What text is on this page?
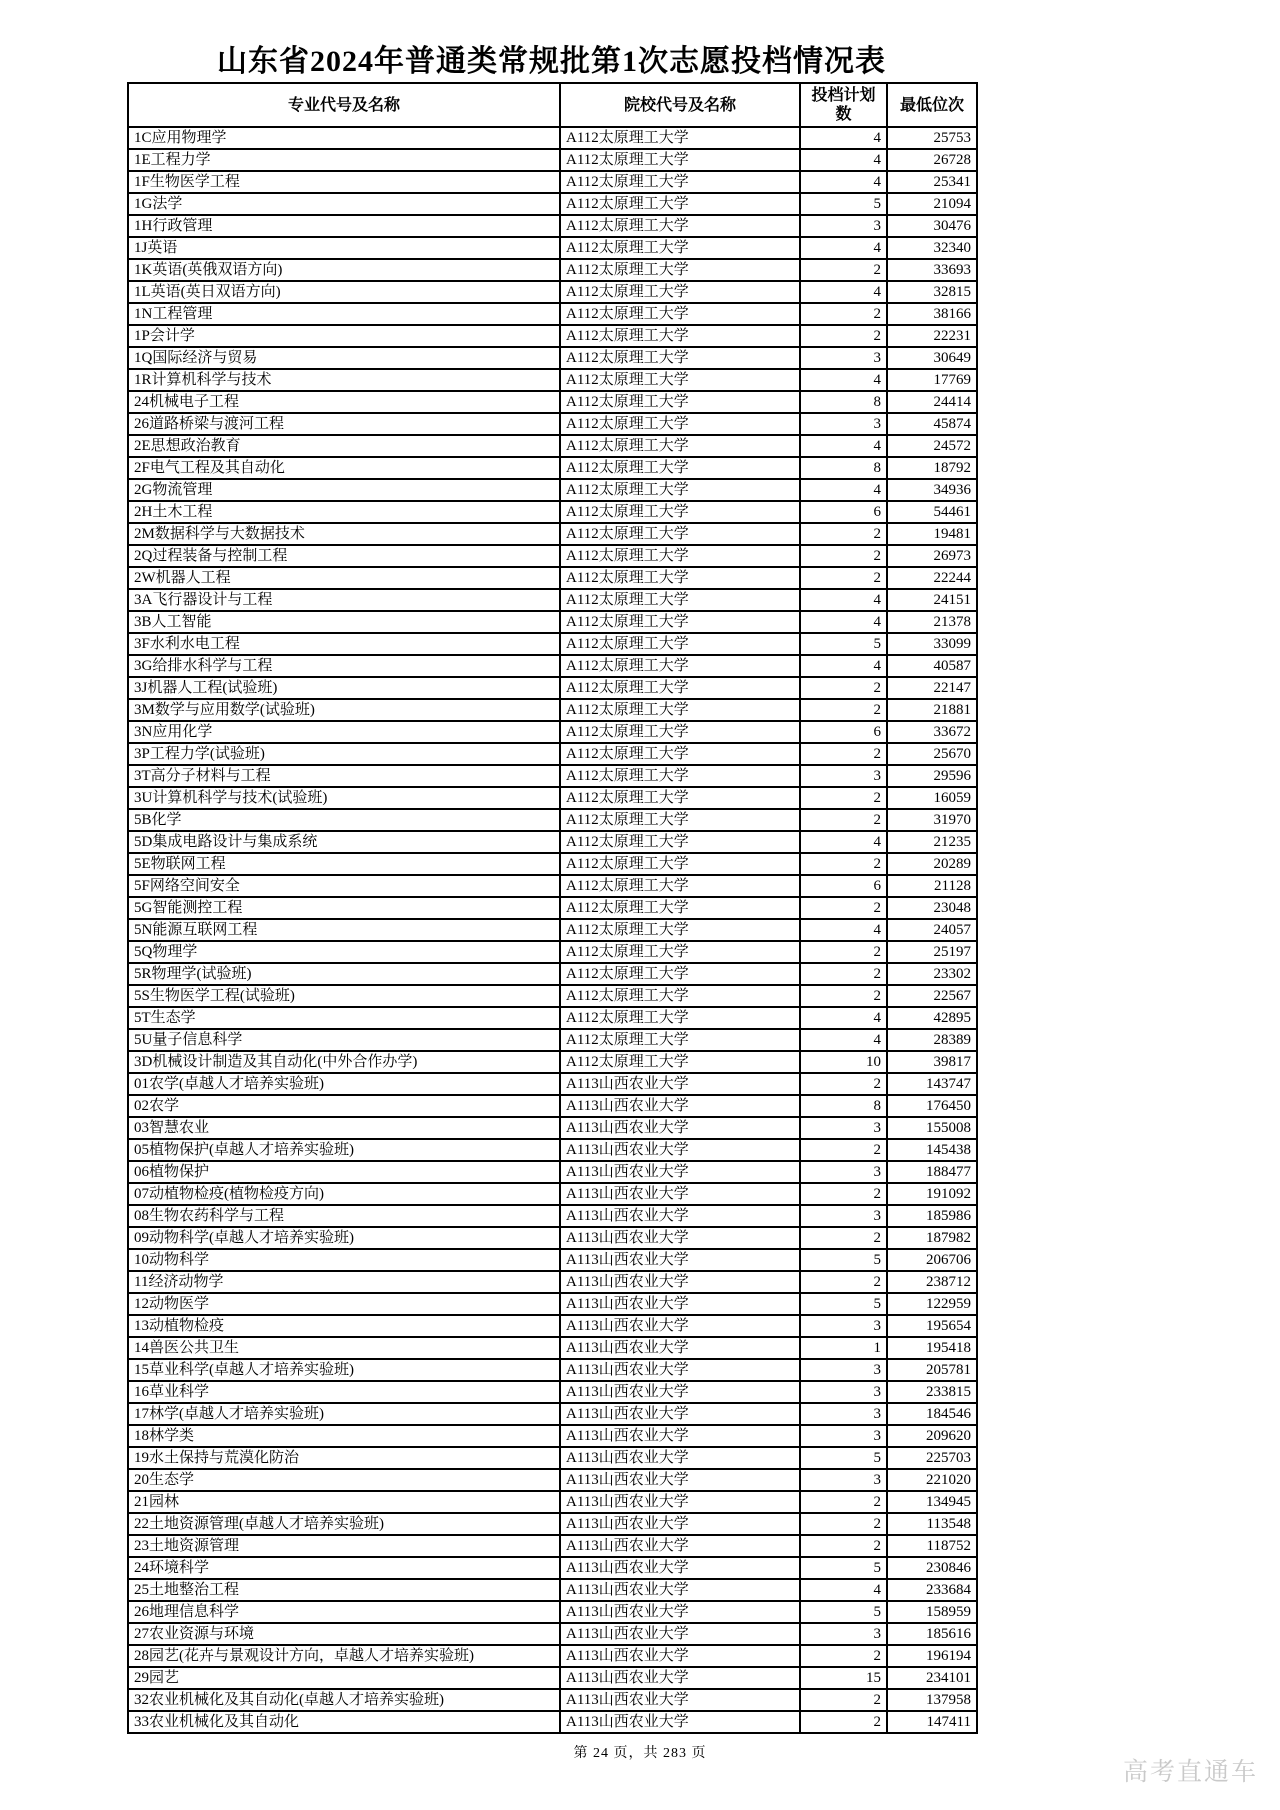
山东省2024年普通类常规批第1次志愿投档情况表
专业代号及名称	院校代号及名称	投档计划数	最低位次
1C应用物理学	A112太原理工大学	4	25753
1E工程力学	A112太原理工大学	4	26728
1F生物医学工程	A112太原理工大学	4	25341
1G法学	A112太原理工大学	5	21094
1H行政管理	A112太原理工大学	3	30476
1J英语	A112太原理工大学	4	32340
1K英语(英俄双语方向)	A112太原理工大学	2	33693
1L英语(英日双语方向)	A112太原理工大学	4	32815
1N工程管理	A112太原理工大学	2	38166
1P会计学	A112太原理工大学	2	22231
1Q国际经济与贸易	A112太原理工大学	3	30649
1R计算机科学与技术	A112太原理工大学	4	17769
24机械电子工程	A112太原理工大学	8	24414
26道路桥梁与渡河工程	A112太原理工大学	3	45874
2E思想政治教育	A112太原理工大学	4	24572
2F电气工程及其自动化	A112太原理工大学	8	18792
2G物流管理	A112太原理工大学	4	34936
2H土木工程	A112太原理工大学	6	54461
2M数据科学与大数据技术	A112太原理工大学	2	19481
2Q过程装备与控制工程	A112太原理工大学	2	26973
2W机器人工程	A112太原理工大学	2	22244
3A飞行器设计与工程	A112太原理工大学	4	24151
3B人工智能	A112太原理工大学	4	21378
3F水利水电工程	A112太原理工大学	5	33099
3G给排水科学与工程	A112太原理工大学	4	40587
3J机器人工程(试验班)	A112太原理工大学	2	22147
3M数学与应用数学(试验班)	A112太原理工大学	2	21881
3N应用化学	A112太原理工大学	6	33672
3P工程力学(试验班)	A112太原理工大学	2	25670
3T高分子材料与工程	A112太原理工大学	3	29596
3U计算机科学与技术(试验班)	A112太原理工大学	2	16059
5B化学	A112太原理工大学	2	31970
5D集成电路设计与集成系统	A112太原理工大学	4	21235
5E物联网工程	A112太原理工大学	2	20289
5F网络空间安全	A112太原理工大学	6	21128
5G智能测控工程	A112太原理工大学	2	23048
5N能源互联网工程	A112太原理工大学	4	24057
5Q物理学	A112太原理工大学	2	25197
5R物理学(试验班)	A112太原理工大学	2	23302
5S生物医学工程(试验班)	A112太原理工大学	2	22567
5T生态学	A112太原理工大学	4	42895
5U量子信息科学	A112太原理工大学	4	28389
3D机械设计制造及其自动化(中外合作办学)	A112太原理工大学	10	39817
01农学(卓越人才培养实验班)	A113山西农业大学	2	143747
02农学	A113山西农业大学	8	176450
03智慧农业	A113山西农业大学	3	155008
05植物保护(卓越人才培养实验班)	A113山西农业大学	2	145438
06植物保护	A113山西农业大学	3	188477
07动植物检疫(植物检疫方向)	A113山西农业大学	2	191092
08生物农药科学与工程	A113山西农业大学	3	185986
09动物科学(卓越人才培养实验班)	A113山西农业大学	2	187982
10动物科学	A113山西农业大学	5	206706
11经济动物学	A113山西农业大学	2	238712
12动物医学	A113山西农业大学	5	122959
13动植物检疫	A113山西农业大学	3	195654
14兽医公共卫生	A113山西农业大学	1	195418
15草业科学(卓越人才培养实验班)	A113山西农业大学	3	205781
16草业科学	A113山西农业大学	3	233815
17林学(卓越人才培养实验班)	A113山西农业大学	3	184546
18林学类	A113山西农业大学	3	209620
19水土保持与荒漠化防治	A113山西农业大学	5	225703
20生态学	A113山西农业大学	3	221020
21园林	A113山西农业大学	2	134945
22土地资源管理(卓越人才培养实验班)	A113山西农业大学	2	113548
23土地资源管理	A113山西农业大学	2	118752
24环境科学	A113山西农业大学	5	230846
25土地整治工程	A113山西农业大学	4	233684
26地理信息科学	A113山西农业大学	5	158959
27农业资源与环境	A113山西农业大学	3	185616
28园艺(花卉与景观设计方向，卓越人才培养实验班)	A113山西农业大学	2	196194
29园艺	A113山西农业大学	15	234101
32农业机械化及其自动化(卓越人才培养实验班)	A113山西农业大学	2	137958
33农业机械化及其自动化	A113山西农业大学	2	147411
第 24 页，共 283 页
高考直通车
